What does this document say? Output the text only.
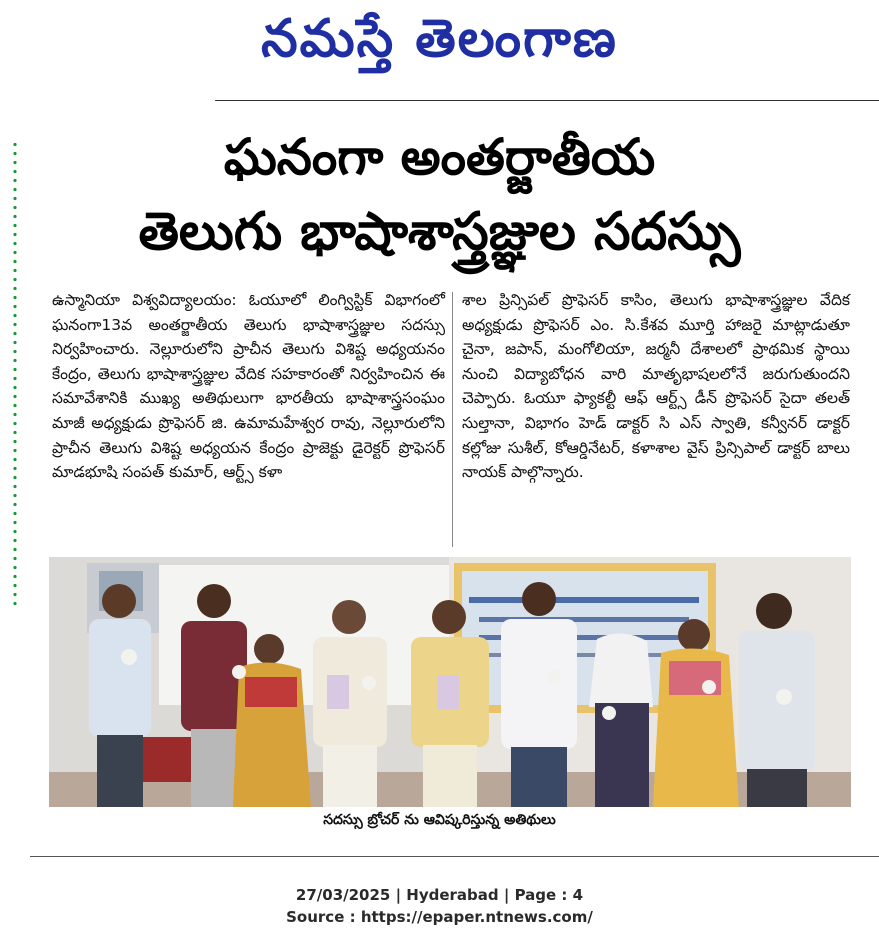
నమస్తే తెలంగాణ
ఘనంగా అంతర్జాతీయ
తెలుగు భాషాశాస్త్రజ్ఞుల సదస్సు
ఉస్మానియా విశ్వవిద్యాలయం: ఓయూలో లింగ్విస్టిక్ విభాగంలో ఘనంగా13వ అంతర్జాతీయ తెలుగు భాషాశాస్త్రజ్ఞుల సదస్సు నిర్వహించారు. నెల్లూరులోని ప్రాచీన తెలుగు విశిష్ట అధ్యయనం కేంద్రం, తెలుగు భాషాశాస్త్రజ్ఞుల వేదిక సహకారంతో నిర్వహించిన ఈ సమావేశానికి ముఖ్య అతిథులుగా భారతీయ భాషాశాస్త్రసంఘం మాజీ అధ్యక్షుడు ప్రొఫెసర్ జి. ఉమామహేశ్వర రావు, నెల్లూరులోని ప్రాచీన తెలుగు విశిష్ట అధ్యయన కేంద్రం ప్రాజెక్టు డైరెక్టర్ ప్రొఫెసర్ మాడభూషి సంపత్ కుమార్, ఆర్ట్స్ కళా
శాల ప్రిన్సిపల్ ప్రొఫెసర్ కాసిం, తెలుగు భాషాశాస్త్రజ్ఞుల వేదిక అధ్యక్షుడు ప్రొఫెసర్ ఎం. సి.కేశవ మూర్తి హాజరై మాట్లాడుతూ చైనా, జపాన్, మంగోలియా, జర్మనీ దేశాలలో ప్రాథమిక స్థాయి నుంచి విద్యాబోధన వారి మాతృభాషలలోనే జరుగుతుందని చెప్పారు. ఓయూ ఫ్యాకల్టీ ఆఫ్ ఆర్ట్స్ డీన్ ప్రొఫెసర్ సైదా తలత్ సుల్తానా, విభాగం హెడ్ డాక్టర్ సి ఎస్ స్వాతి, కన్వీనర్ డాక్టర్ కల్లోజు సుశీల్, కోఆర్డినేటర్, కళాశాల వైస్ ప్రిన్సిపాల్ డాక్టర్ బాలు నాయక్ పాల్గొన్నారు.
సదస్సు బ్రోచర్ ను ఆవిష్కరిస్తున్న అతిథులు
27/03/2025 | Hyderabad | Page : 4
Source : https://epaper.ntnews.com/
